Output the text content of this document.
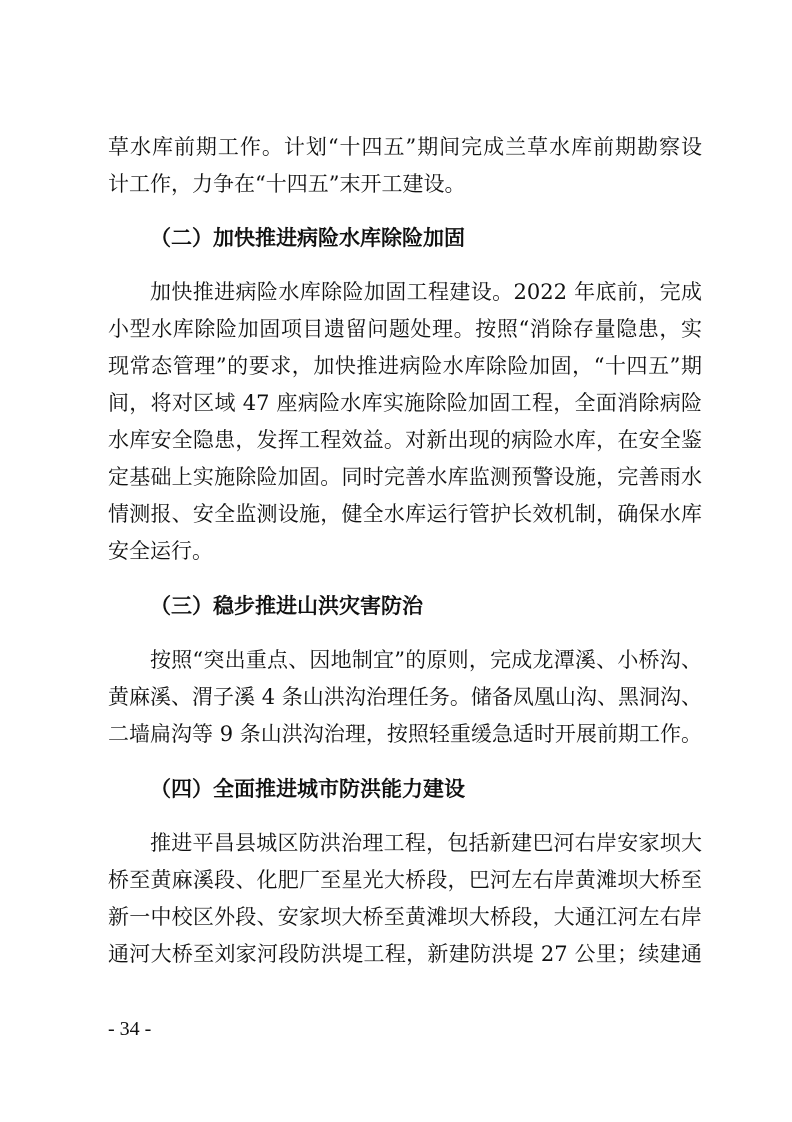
草水库前期工作。计划“十四五”期间完成兰草水库前期勘察设
计工作，力争在“十四五”末开工建设。
（二）加快推进病险水库除险加固
加快推进病险水库除险加固工程建设。2022 年底前，完成
小型水库除险加固项目遗留问题处理。按照“消除存量隐患，实
现常态管理”的要求，加快推进病险水库除险加固，“十四五”期
间，将对区域 47 座病险水库实施除险加固工程，全面消除病险
水库安全隐患，发挥工程效益。对新出现的病险水库，在安全鉴
定基础上实施除险加固。同时完善水库监测预警设施，完善雨水
情测报、安全监测设施，健全水库运行管护长效机制，确保水库
安全运行。
（三）稳步推进山洪灾害防治
按照“突出重点、因地制宜”的原则，完成龙潭溪、小桥沟、
黄麻溪、渭子溪 4 条山洪沟治理任务。储备凤凰山沟、黑洞沟、
二墙扁沟等 9 条山洪沟治理，按照轻重缓急适时开展前期工作。
（四）全面推进城市防洪能力建设
推进平昌县城区防洪治理工程，包括新建巴河右岸安家坝大
桥至黄麻溪段、化肥厂至星光大桥段，巴河左右岸黄滩坝大桥至
新一中校区外段、安家坝大桥至黄滩坝大桥段，大通江河左右岸
通河大桥至刘家河段防洪堤工程，新建防洪堤 27 公里；续建通
- 34 -
